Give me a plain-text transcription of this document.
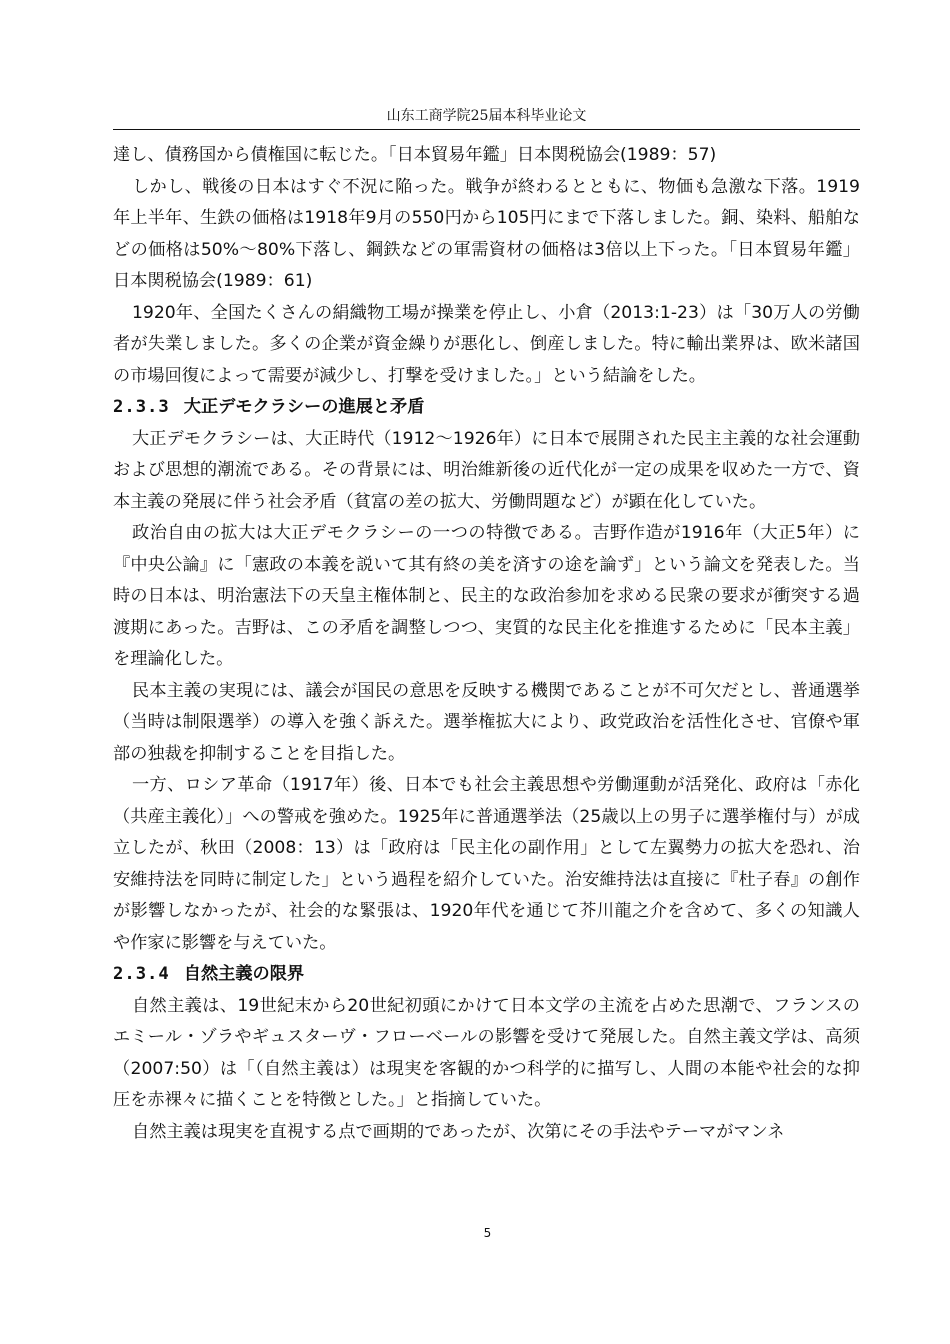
山东工商学院25届本科毕业论文

達し、債務国から債権国に転じた。「日本貿易年鑑」日本関税協会(1989：57)

しかし、戦後の日本はすぐ不況に陥った。戦争が終わるとともに、物価も急激な下落。1919年上半年、生鉄の価格は1918年9月の550円から105円にまで下落しました。銅、染料、船舶などの価格は50%～80%下落し、鋼鉄などの軍需資材の価格は3倍以上下った。「日本貿易年鑑」日本関税協会(1989：61)

1920年、全国たくさんの絹織物工場が操業を停止し、小倉（2013:1-23）は「30万人の労働者が失業しました。多くの企業が資金繰りが悪化し、倒産しました。特に輸出業界は、欧米諸国の市場回復によって需要が減少し、打撃を受けました。」という結論をした。

2.3.3 大正デモクラシーの進展と矛盾

大正デモクラシーは、大正時代（1912～1926年）に日本で展開された民主主義的な社会運動および思想的潮流である。その背景には、明治維新後の近代化が一定の成果を収めた一方で、資本主義の発展に伴う社会矛盾（貧富の差の拡大、労働問題など）が顕在化していた。

政治自由の拡大は大正デモクラシーの一つの特徴である。吉野作造が1916年（大正5年）に『中央公論』に「憲政の本義を説いて其有終の美を済すの途を論ず」という論文を発表した。当時の日本は、明治憲法下の天皇主権体制と、民主的な政治参加を求める民衆の要求が衝突する過渡期にあった。吉野は、この矛盾を調整しつつ、実質的な民主化を推進するために「民本主義」を理論化した。

民本主義の実現には、議会が国民の意思を反映する機関であることが不可欠だとし、普通選挙（当時は制限選挙）の導入を強く訴えた。選挙権拡大により、政党政治を活性化させ、官僚や軍部の独裁を抑制することを目指した。

一方、ロシア革命（1917年）後、日本でも社会主義思想や労働運動が活発化、政府は「赤化（共産主義化）」への警戒を強めた。1925年に普通選挙法（25歳以上の男子に選挙権付与）が成立したが、秋田（2008：13）は「政府は「民主化の副作用」として左翼勢力の拡大を恐れ、治安維持法を同時に制定した」という過程を紹介していた。治安維持法は直接に『杜子春』の創作が影響しなかったが、社会的な緊張は、1920年代を通じて芥川龍之介を含めて、多くの知識人や作家に影響を与えていた。

2.3.4 自然主義の限界

自然主義は、19世紀末から20世紀初頭にかけて日本文学の主流を占めた思潮で、フランスのエミール・ゾラやギュスターヴ・フローベールの影響を受けて発展した。自然主義文学は、高须（2007:50）は「（自然主義は）は現実を客観的かつ科学的に描写し、人間の本能や社会的な抑圧を赤裸々に描くことを特徴とした。」と指摘していた。

自然主義は現実を直視する点で画期的であったが、次第にその手法やテーマがマンネ

5
